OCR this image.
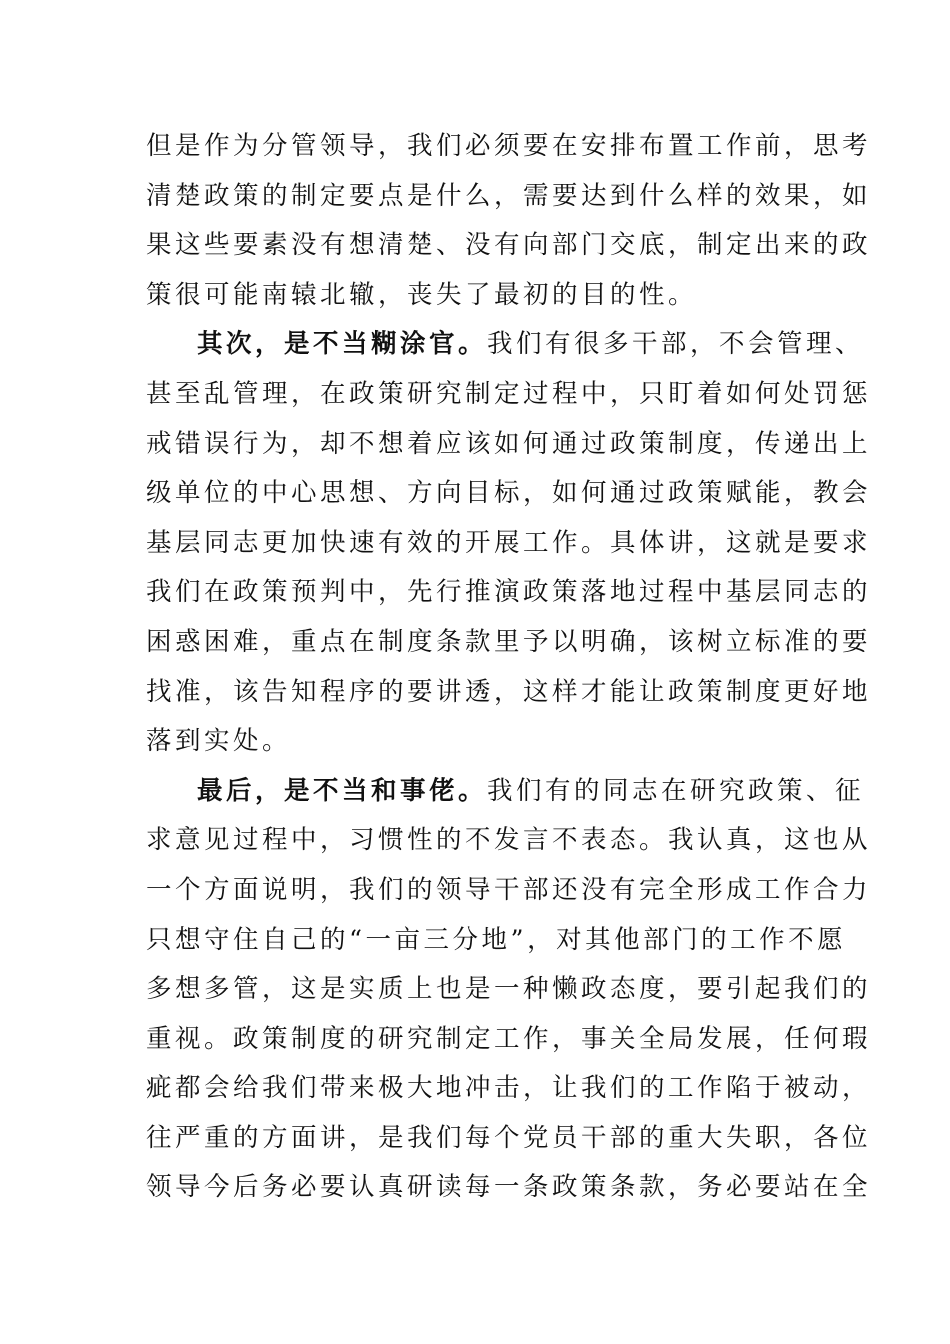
但是作为分管领导，我们必须要在安排布置工作前，思考
清楚政策的制定要点是什么，需要达到什么样的效果，如
果这些要素没有想清楚、没有向部门交底，制定出来的政
策很可能南辕北辙，丧失了最初的目的性。
其次，是不当糊涂官。我们有很多干部，不会管理、
甚至乱管理，在政策研究制定过程中，只盯着如何处罚惩
戒错误行为，却不想着应该如何通过政策制度，传递出上
级单位的中心思想、方向目标，如何通过政策赋能，教会
基层同志更加快速有效的开展工作。具体讲，这就是要求
我们在政策预判中，先行推演政策落地过程中基层同志的
困惑困难，重点在制度条款里予以明确，该树立标准的要
找准，该告知程序的要讲透，这样才能让政策制度更好地
落到实处。
最后，是不当和事佬。我们有的同志在研究政策、征
求意见过程中，习惯性的不发言不表态。我认真，这也从
一个方面说明，我们的领导干部还没有完全形成工作合力
只想守住自己的“一亩三分地”，对其他部门的工作不愿
多想多管，这是实质上也是一种懒政态度，要引起我们的
重视。政策制度的研究制定工作，事关全局发展，任何瑕
疵都会给我们带来极大地冲击，让我们的工作陷于被动，
往严重的方面讲，是我们每个党员干部的重大失职，各位
领导今后务必要认真研读每一条政策条款，务必要站在全
